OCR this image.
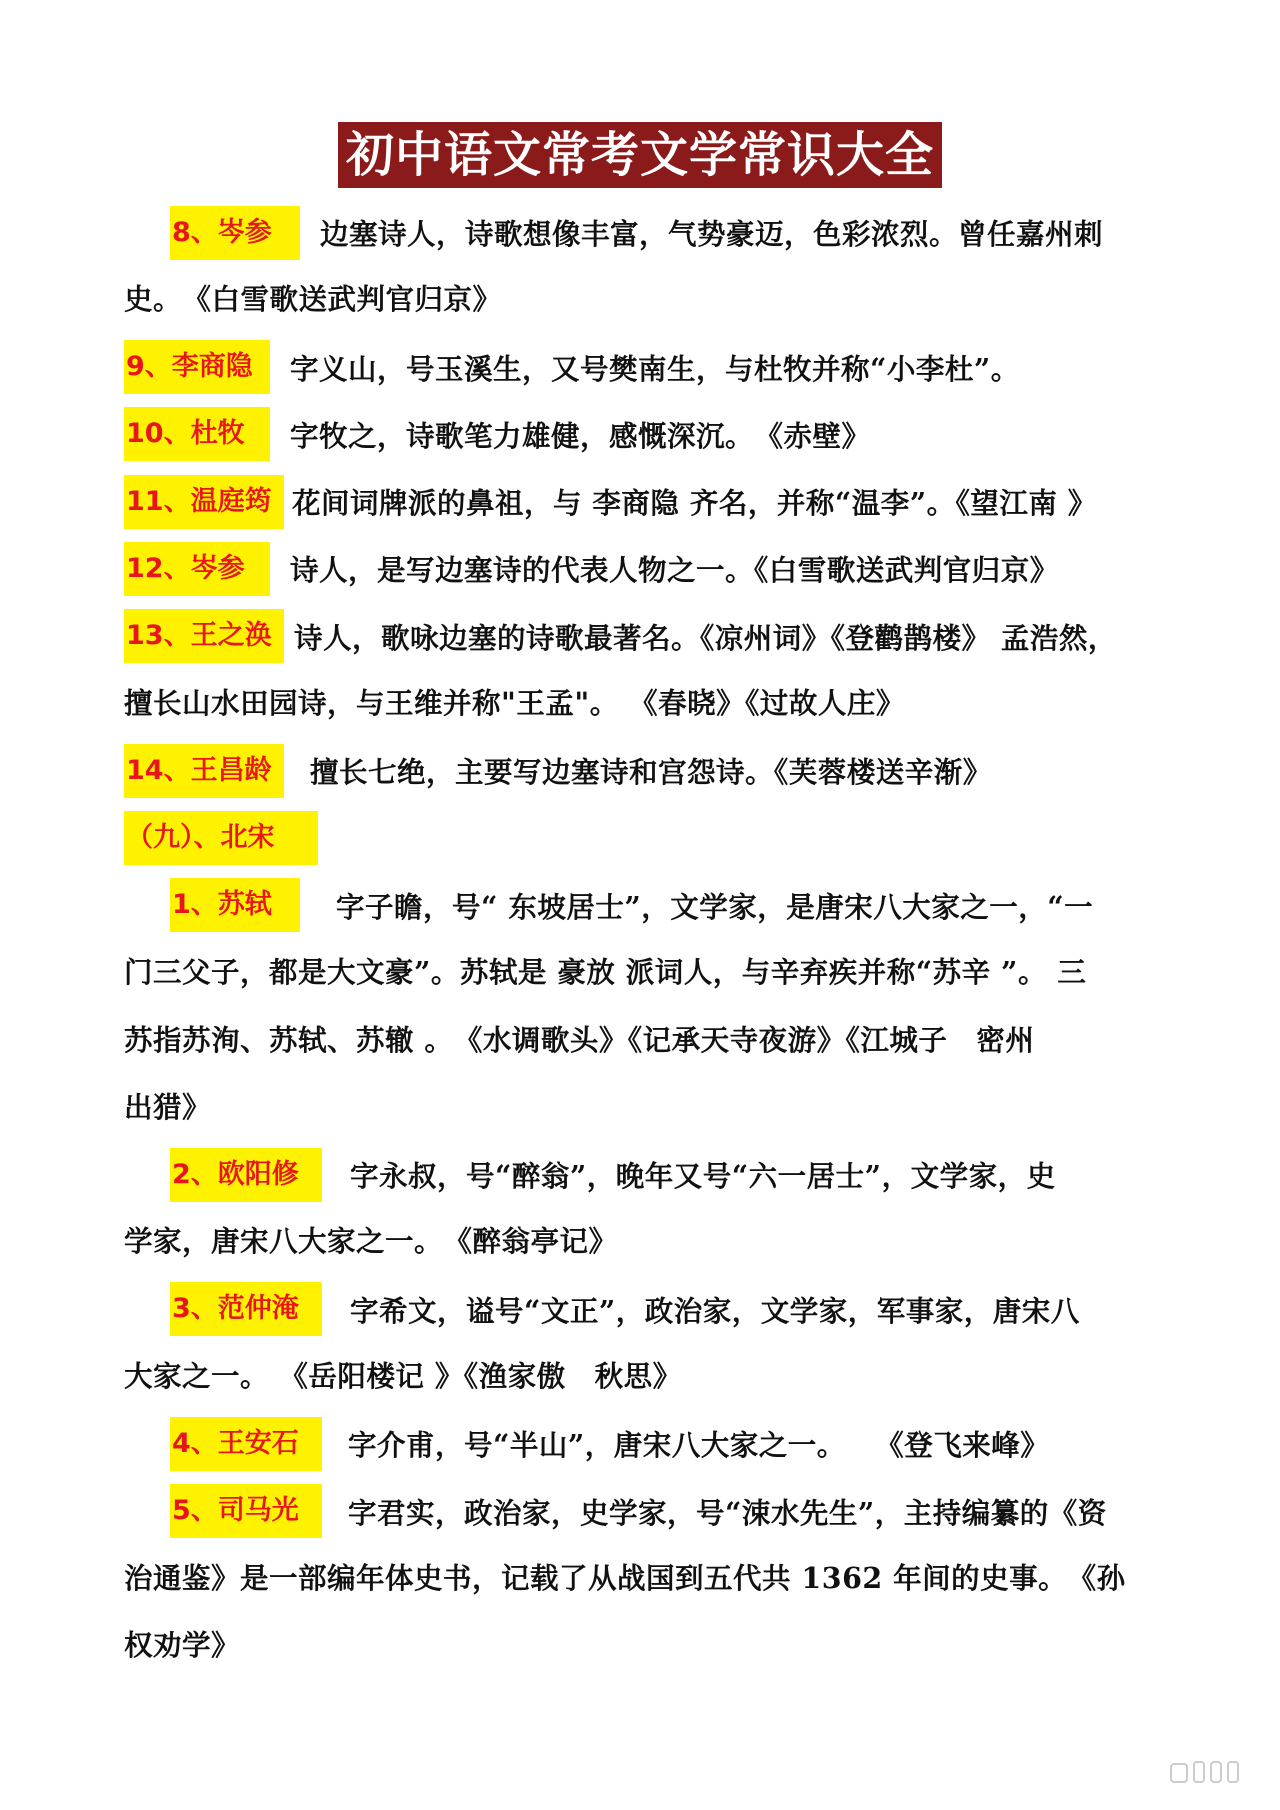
初中语文常考文学常识大全
8、岑参 边塞诗人，诗歌想像丰富，气势豪迈，色彩浓烈。曾任嘉州刺
史。　《白雪歌送武判官归京》
9、李商隐 字义山，号玉溪生，又号樊南生，与杜牧并称“小李杜”。
10、杜牧 字牧之，诗歌笔力雄健，感慨深沉。　《赤壁》
11、温庭筠 花间词牌派的鼻祖，与 李商隐 齐名，并称“温李”。《望江南 》
12、岑参 诗人，是写边塞诗的代表人物之一。《白雪歌送武判官归京》
13、王之涣 诗人，歌咏边塞的诗歌最著名。《凉州词》《登鹳鹊楼》 孟浩然，
擅长山水田园诗，与王维并称"王孟"。 《春晓》《过故人庄》
14、王昌龄 擅长七绝，主要写边塞诗和宫怨诗。《芙蓉楼送辛渐》
（九）、北宋
1、苏轼 字子瞻，号“ 东坡居士”，文学家，是唐宋八大家之一，“一
门三父子，都是大文豪”。苏轼是 豪放 派词人，与辛弃疾并称“苏辛 ”。 三
苏指苏洵、苏轼、苏辙 。　《水调歌头》《记承天寺夜游》《江城子　密州
出猎》
2、欧阳修 字永叔，号“醉翁”，晚年又号“六一居士”，文学家，史
学家，唐宋八大家之一。　《醉翁亭记》
3、范仲淹 字希文，谥号“文正”，政治家，文学家，军事家，唐宋八
大家之一。 《岳阳楼记 》《渔家傲　秋思》
4、王安石 字介甫，号“半山”，唐宋八大家之一。　　《登飞来峰》
5、司马光 字君实，政治家，史学家，号“涑水先生”，主持编纂的《资
治通鉴》是一部编年体史书，记载了从战国到五代共 1362 年间的史事。　《孙
权劝学》
